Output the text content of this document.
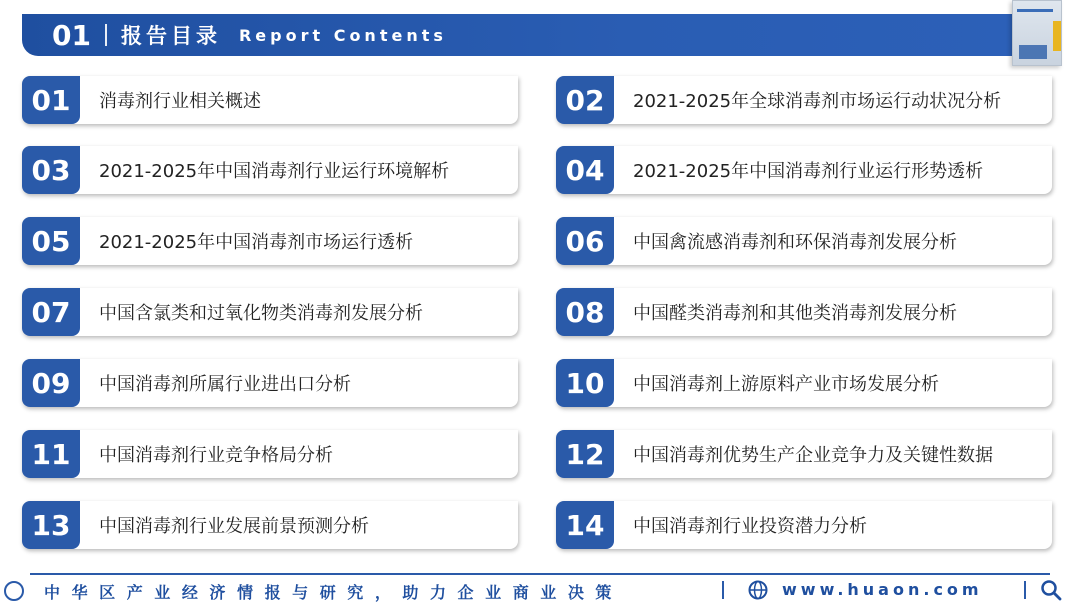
01 报告目录 Report Contents
01	消毒剂行业相关概述	02	2021-2025年全球消毒剂市场运行动状况分析
03	2021-2025年中国消毒剂行业运行环境解析	04	2021-2025年中国消毒剂行业运行形势透析
05	2021-2025年中国消毒剂市场运行透析	06	中国禽流感消毒剂和环保消毒剂发展分析
07	中国含氯类和过氧化物类消毒剂发展分析	08	中国醛类消毒剂和其他类消毒剂发展分析
09	中国消毒剂所属行业进出口分析	10	中国消毒剂上游原料产业市场发展分析
11	中国消毒剂行业竞争格局分析	12	中国消毒剂优势生产企业竞争力及关键性数据
13	中国消毒剂行业发展前景预测分析	14	中国消毒剂行业投资潜力分析
中 华 区 产 业 经 济 情 报 与 研 究 ， 助 力 企 业 商 业 决 策	www.huaon.com
